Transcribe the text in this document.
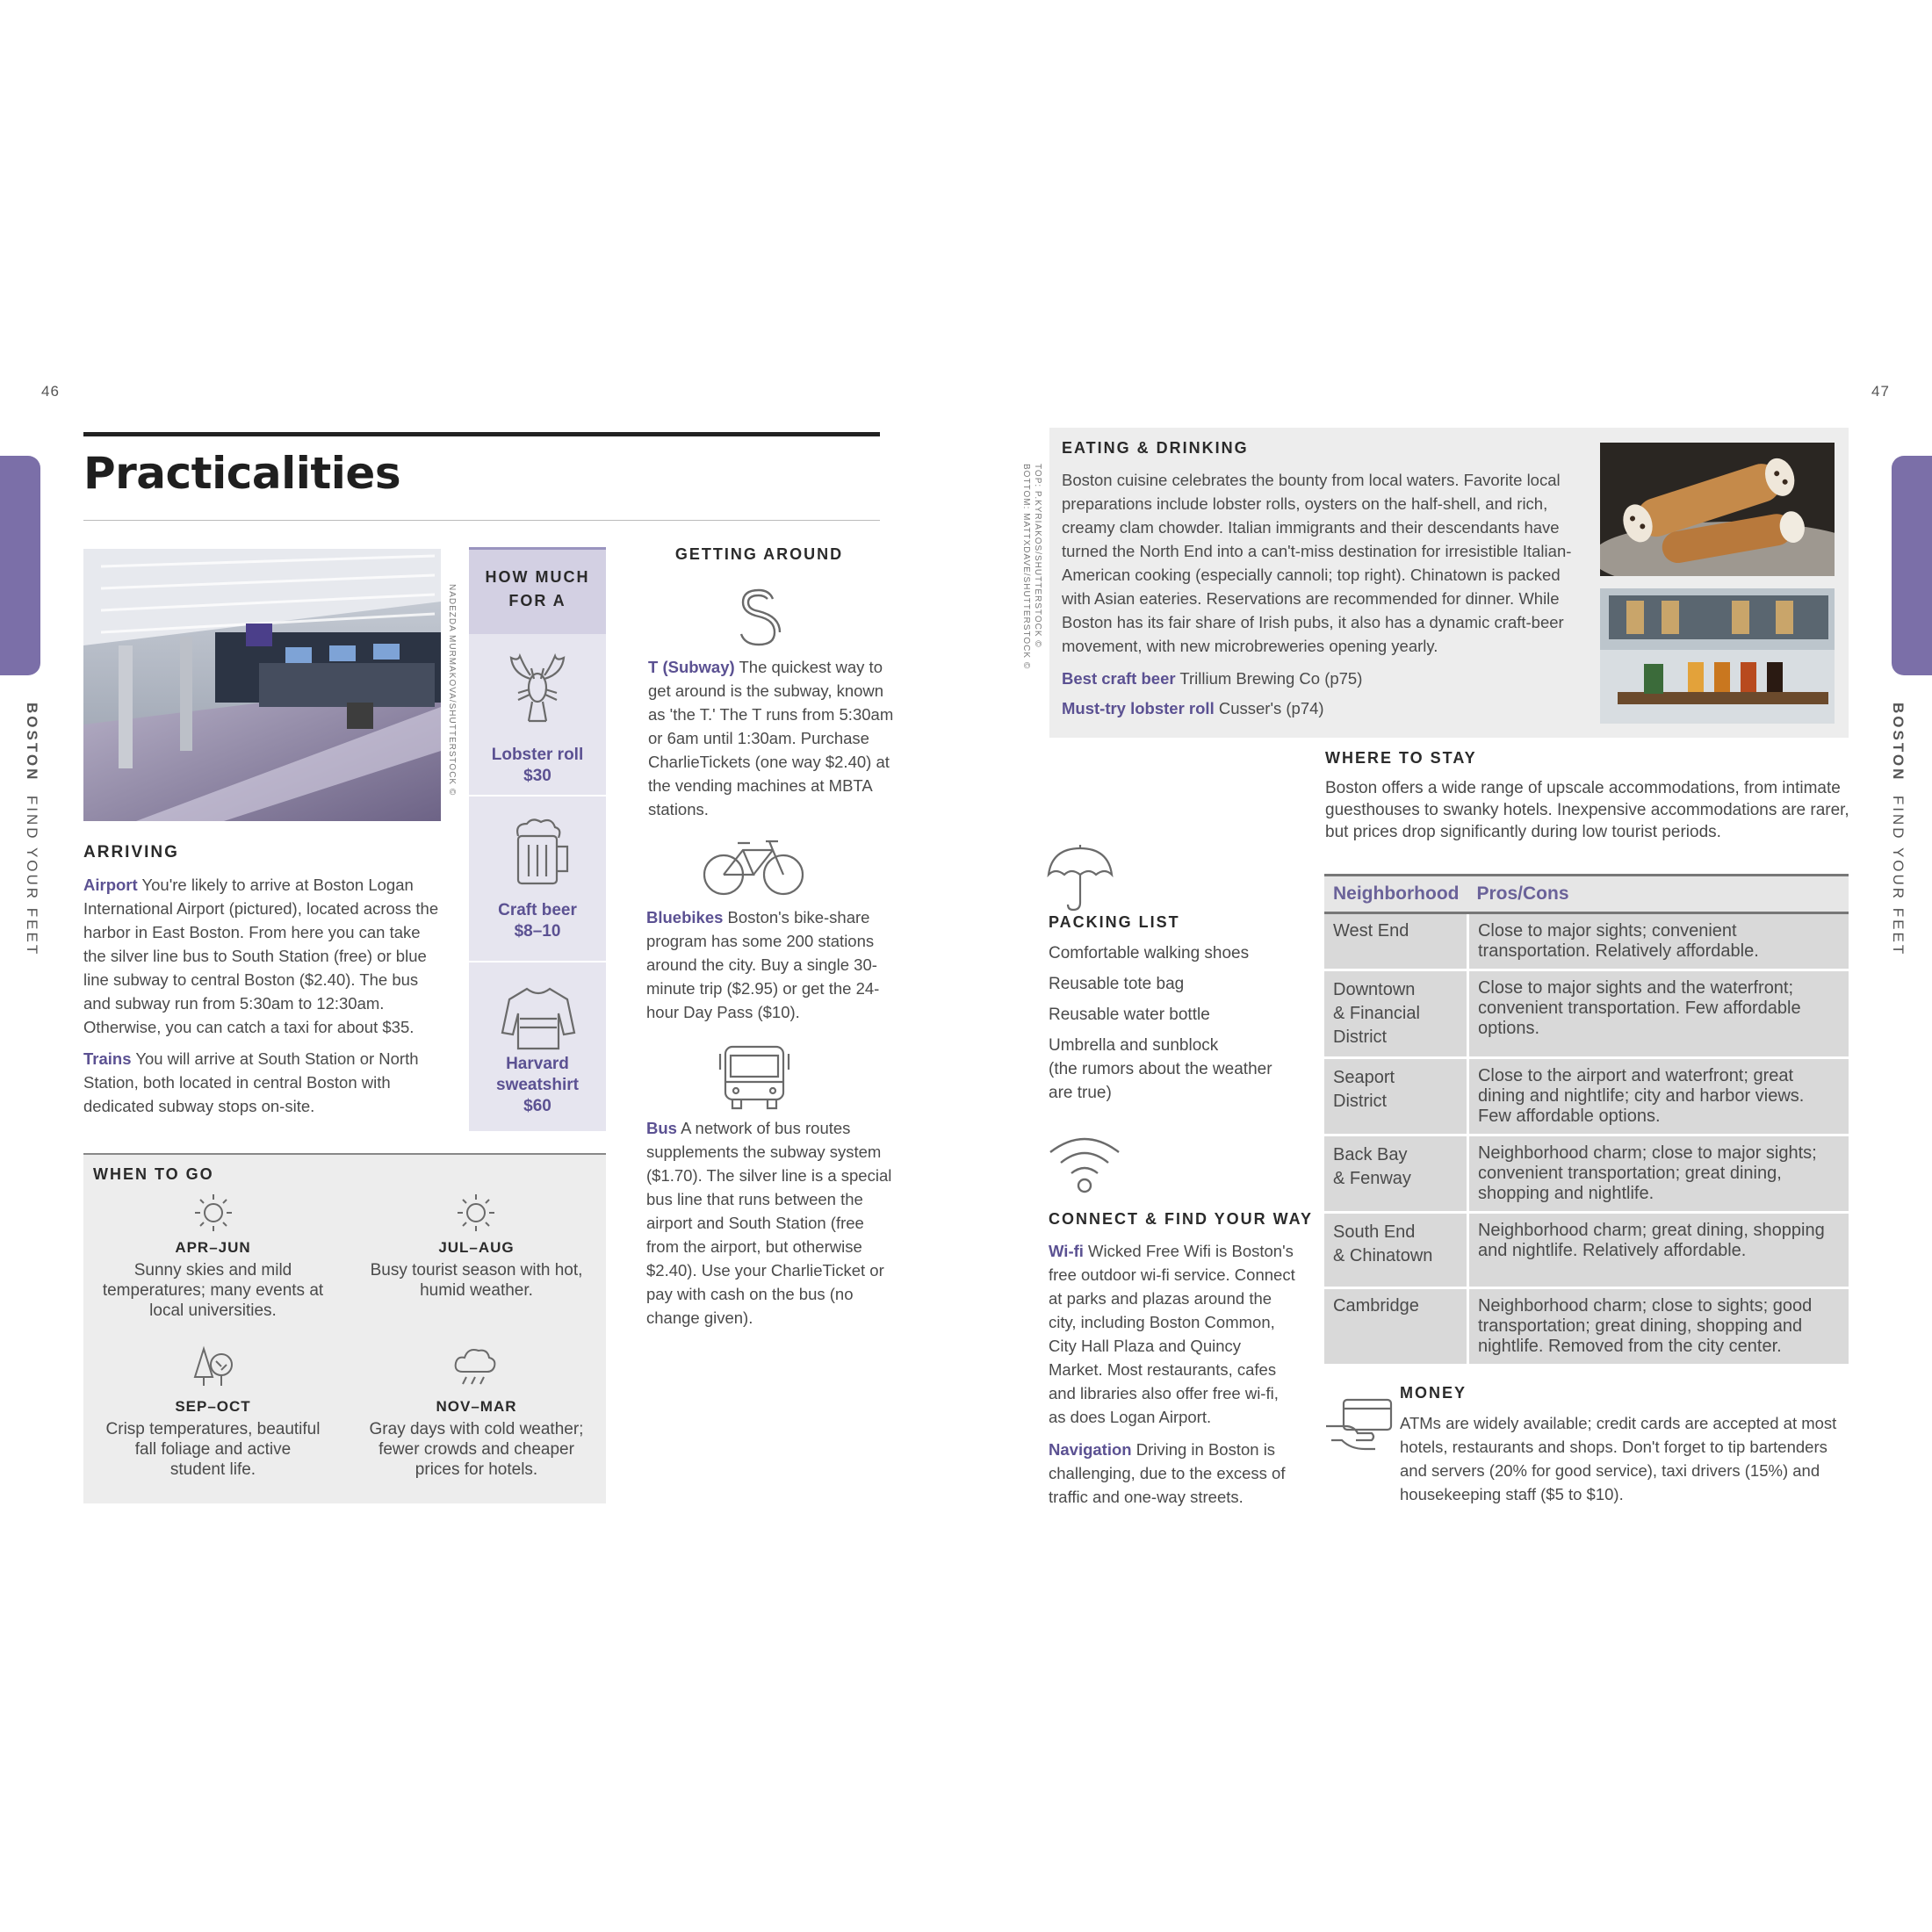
46
BOSTON  FIND YOUR FEET
Practicalities
NADEZDA MURMAKOVA/SHUTTERSTOCK ©
HOW MUCH
FOR A
Lobster roll
$30
Craft beer
$8–10
Harvard
sweatshirt
$60
ARRIVING
Airport You're likely to arrive at Boston Logan International Airport (pictured), located across the harbor in East Boston. From here you can take the silver line bus to South Station (free) or blue line subway to central Boston ($2.40). The bus and subway run from 5:30am to 12:30am. Otherwise, you can catch a taxi for about $35.
Trains You will arrive at South Station or North Station, both located in central Boston with dedicated subway stops on-site.
WHEN TO GO
APR–JUN
Sunny skies and mild
temperatures; many events at
local universities.
JUL–AUG
Busy tourist season with hot,
humid weather.
SEP–OCT
Crisp temperatures, beautiful
fall foliage and active
student life.
NOV–MAR
Gray days with cold weather;
fewer crowds and cheaper
prices for hotels.
GETTING AROUND
T (Subway) The quickest way to get around is the subway, known as 'the T.' The T runs from 5:30am or 6am until 1:30am. Purchase CharlieTickets (one way $2.40) at the vending machines at MBTA stations.
Bluebikes Boston's bike-share program has some 200 stations around the city. Buy a single 30-minute trip ($2.95) or get the 24-hour Day Pass ($10).
Bus A network of bus routes supplements the subway system ($1.70). The silver line is a special bus line that runs between the airport and South Station (free from the airport, but otherwise $2.40). Use your CharlieTicket or pay with cash on the bus (no change given).
47
BOSTON  FIND YOUR FEET
TOP: P.KYRIAKOS/SHUTTERSTOCK ©
BOTTOM: MATTXDAVE/SHUTTERSTOCK ©
EATING & DRINKING
Boston cuisine celebrates the bounty from local waters. Favorite local preparations include lobster rolls, oysters on the half-shell, and rich, creamy clam chowder. Italian immigrants and their descendants have turned the North End into a can't-miss destination for irresistible Italian-American cooking (especially cannoli; top right). Chinatown is packed with Asian eateries. Reservations are recommended for dinner. While Boston has its fair share of Irish pubs, it also has a dynamic craft-beer movement, with new microbreweries opening yearly.
Best craft beer Trillium Brewing Co (p75)
Must-try lobster roll Cusser's (p74)
WHERE TO STAY
Boston offers a wide range of upscale accommodations, from intimate guesthouses to swanky hotels. Inexpensive accommodations are rarer, but prices drop significantly during low tourist periods.
Neighborhood	Pros/Cons

West End	Close to major sights; convenient transportation. Relatively affordable.

Downtown
& Financial
District	Close to major sights and the waterfront; convenient transportation. Few affordable options.

Seaport
District	Close to the airport and waterfront; great dining and nightlife; city and harbor views. Few affordable options.

Back Bay
& Fenway	Neighborhood charm; close to major sights; convenient transportation; great dining, shopping and nightlife.

South End
& Chinatown	Neighborhood charm; great dining, shopping and nightlife. Relatively affordable.

Cambridge	Neighborhood charm; close to sights; good transportation; great dining, shopping and nightlife. Removed from the city center.
PACKING LIST
Comfortable walking shoes
Reusable tote bag
Reusable water bottle
Umbrella and sunblock
(the rumors about the weather
are true)
CONNECT & FIND YOUR WAY
Wi-fi Wicked Free Wifi is Boston's free outdoor wi-fi service. Connect at parks and plazas around the city, including Boston Common, City Hall Plaza and Quincy Market. Most restaurants, cafes and libraries also offer free wi-fi, as does Logan Airport.
Navigation Driving in Boston is challenging, due to the excess of traffic and one-way streets.
MONEY
ATMs are widely available; credit cards are accepted at most hotels, restaurants and shops. Don't forget to tip bartenders and servers (20% for good service), taxi drivers (15%) and housekeeping staff ($5 to $10).
